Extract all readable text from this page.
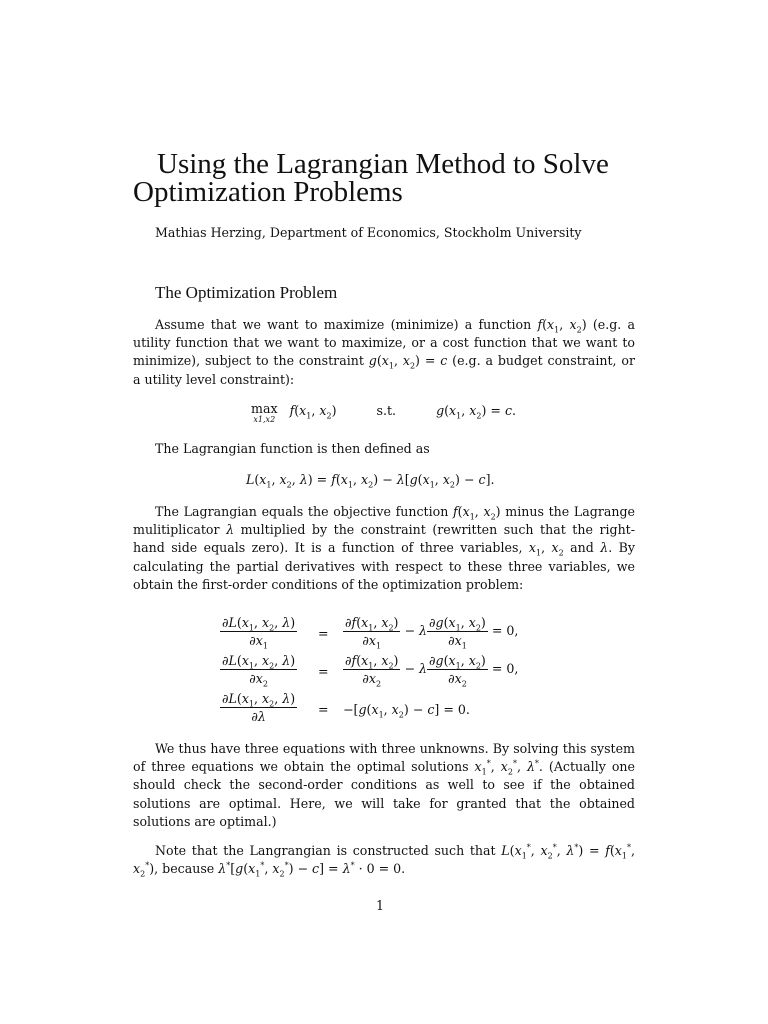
Using the Lagrangian Method to Solve
Optimization Problems
Mathias Herzing, Department of Economics, Stockholm University
The Optimization Problem
Assume that we want to maximize (minimize) a function $f(x_1$, $x_2$) (e.g. a utility function that we want to maximize, or a cost function that we want to minimize), subject to the constraint $g(x_1$, $x_2) = c$ (e.g. a budget constraint, or a utility level constraint):
max
x1,x2
$f(x_1$, $x_2$)	s.t.	$g(x_1$, $x_2) = c$.
The Lagrangian function is then defined as
$L(x_1$, $x_2$, $\lambda) = f(x_1$, $x_2) - \lambda[g(x_1$, $x_2) - c$].
The Lagrangian equals the objective function $f(x_1$, $x_2$) minus the Lagrange mulitiplicator λ multiplied by the constraint (rewritten such that the right-hand side equals zero). It is a function of three variables, $x_1$, $x_2$ and λ. By calculating the partial derivatives with respect to these three variables, we obtain the first-order conditions of the optimization problem:
$\frac{\partial L(x_1, x_2, \lambda)}{\partial x_1} = \frac{\partial f(x_1, x_2)}{\partial x_1} - \lambda \frac{\partial g(x_1, x_2)}{\partial x_1} = 0$,
$\frac{\partial L(x_1, x_2, \lambda)}{\partial x_2} = \frac{\partial f(x_1, x_2)}{\partial x_2} - \lambda \frac{\partial g(x_1, x_2)}{\partial x_2} = 0$,
$\frac{\partial L(x_1, x_2, \lambda)}{\partial\lambda} = -[g(x_1$, $x_2) - c] = 0$.
We thus have three equations with three unknowns. By solving this system of three equations we obtain the optimal solutions $x_1^*$, $x_2^*$, λ*. (Actually one should check the second-order conditions as well to see if the obtained solutions are optimal. Here, we will take for granted that the obtained solutions are optimal.)
Note that the Langrangian is constructed such that $L(x_1^*$, $x_2^*$, $\lambda^*) = f(x_1^*$, $x_2^*$), because $\lambda^*[g(x_1^*$, $x_2^*) - c] = \lambda^* \cdot 0 = 0$.
1
